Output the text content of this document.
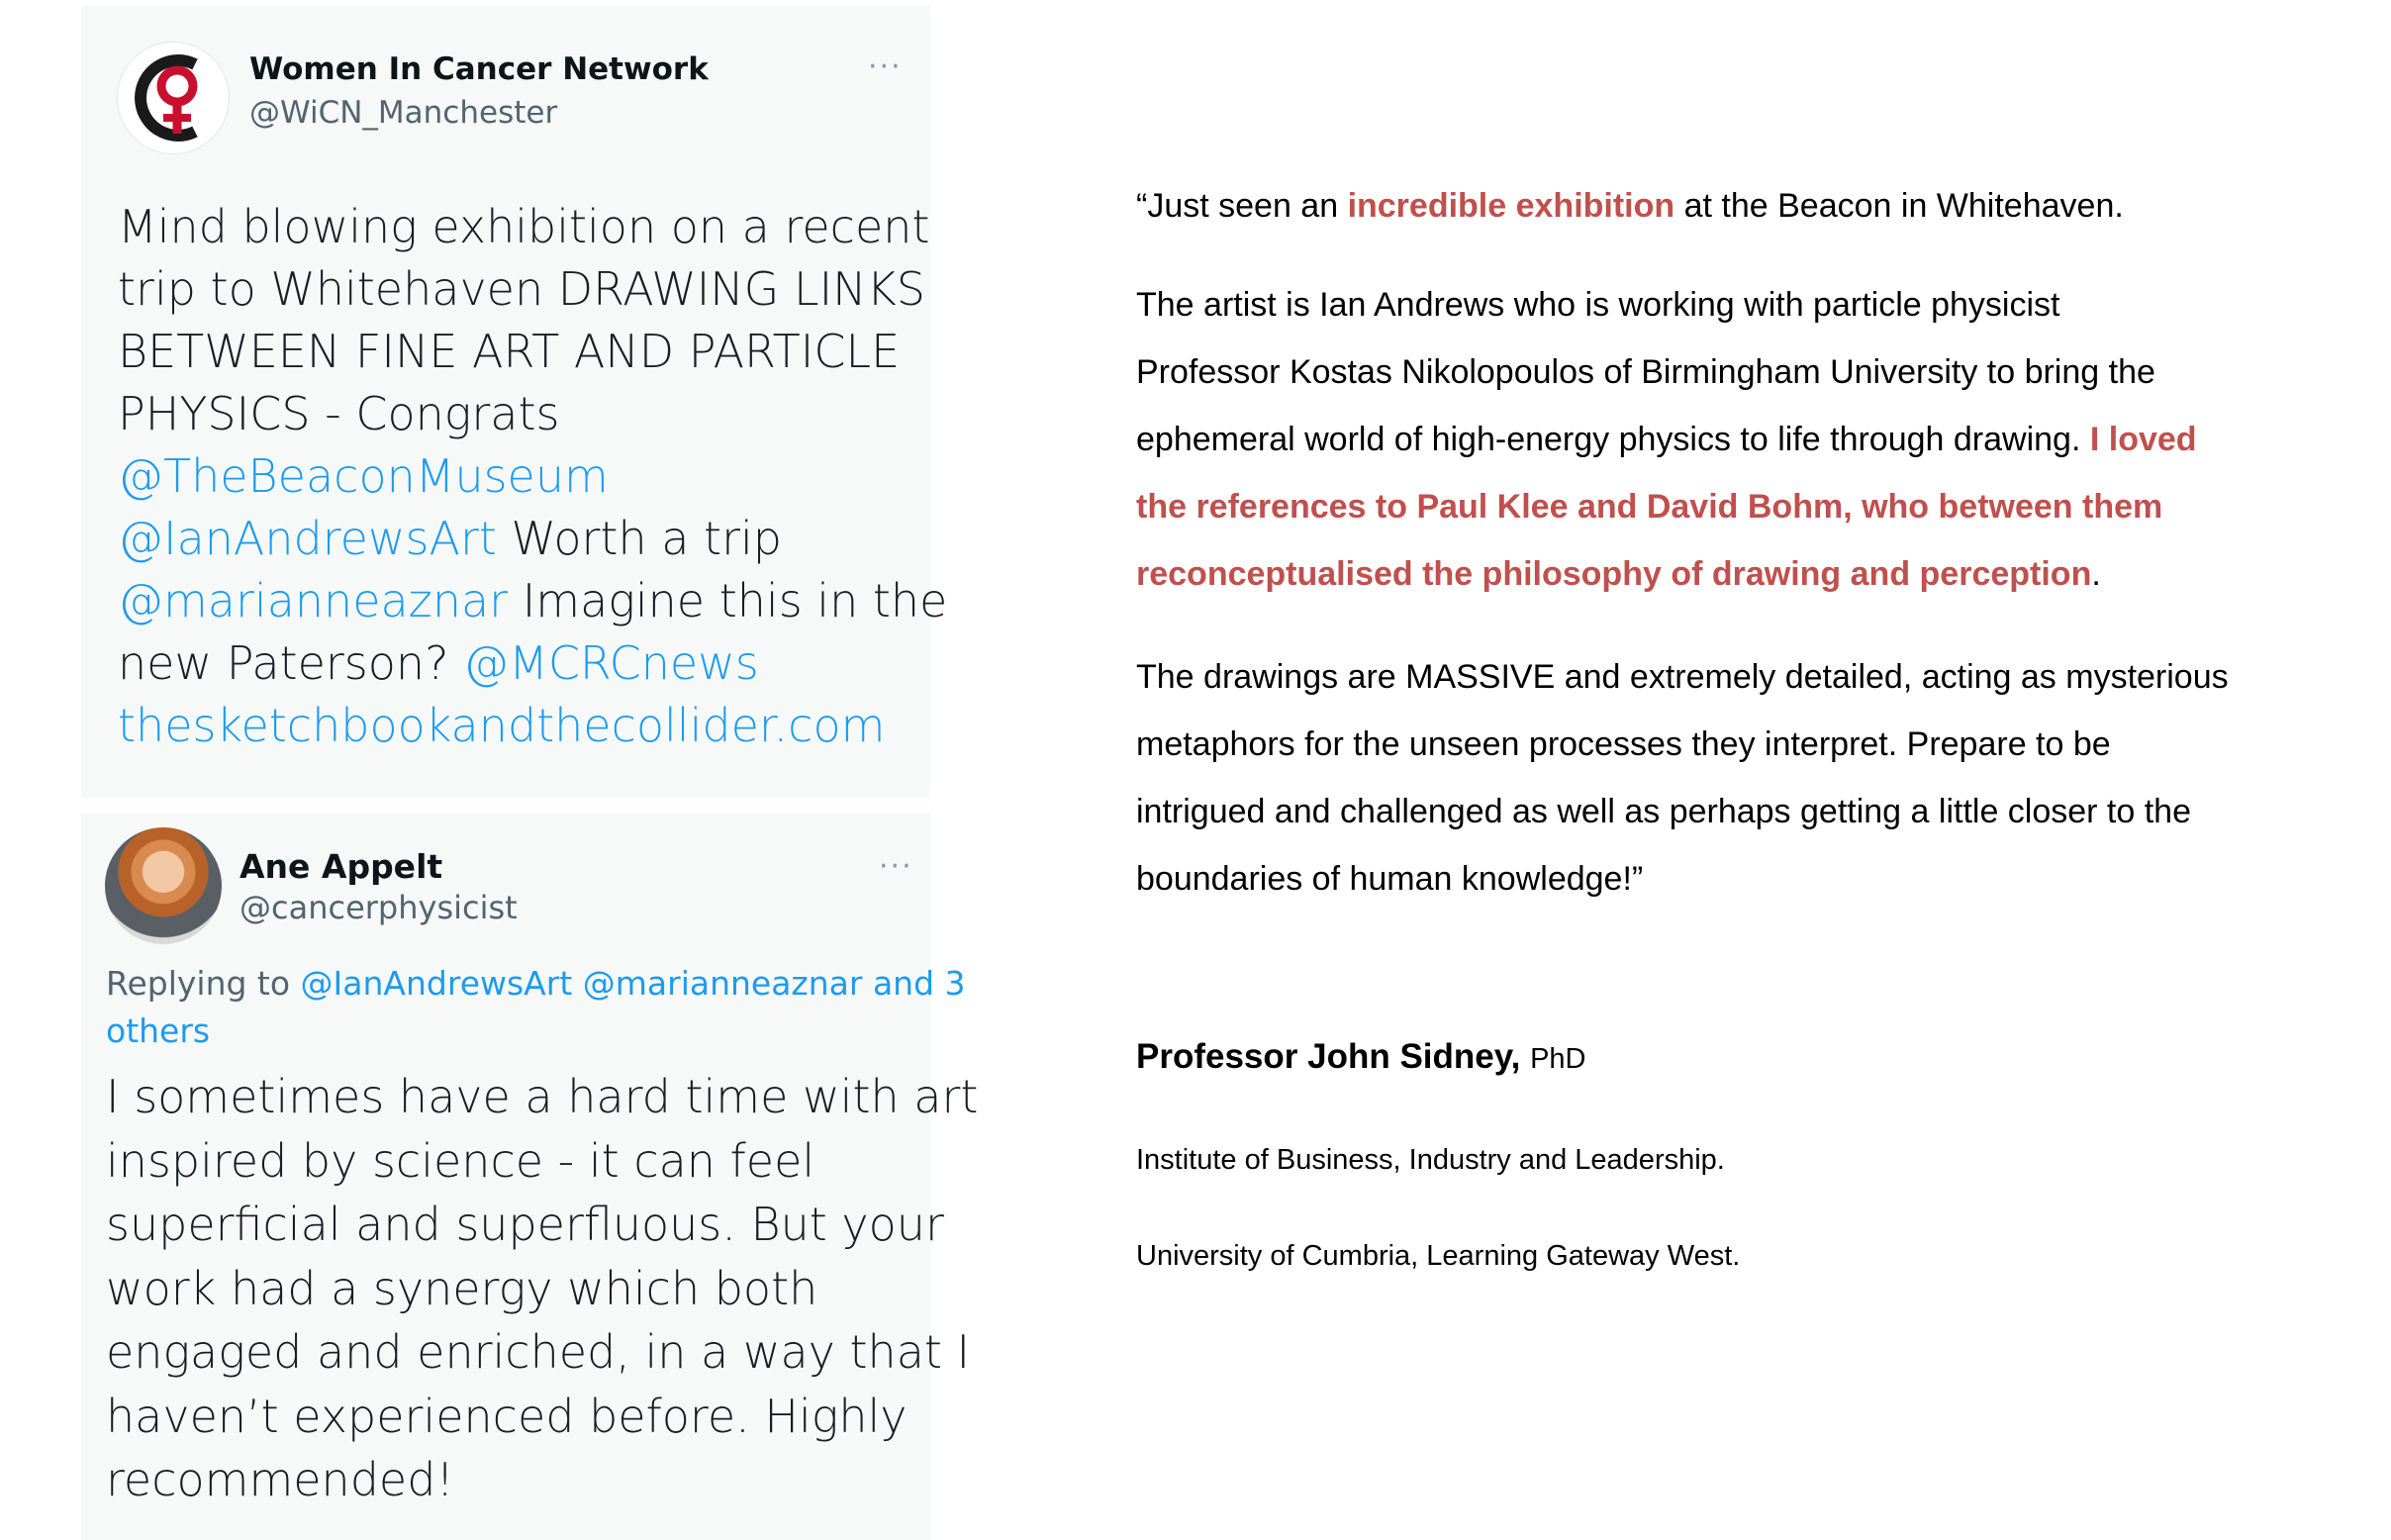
Women In Cancer Network
@WiCN_Manchester
···
Mind blowing exhibition on a recent
trip to Whitehaven DRAWING LINKS
BETWEEN FINE ART AND PARTICLE
PHYSICS - Congrats
@TheBeaconMuseum
@IanAndrewsArt Worth a trip
@marianneaznar Imagine this in the
new Paterson? @MCRCnews
thesketchbookandthecollider.com
Ane Appelt
@cancerphysicist
···
Replying to @IanAndrewsArt @marianneaznar and 3
others
I sometimes have a hard time with art
inspired by science - it can feel
superficial and superfluous. But your
work had a synergy which both
engaged and enriched, in a way that I
haven’t experienced before. Highly
recommended!

“Just seen an incredible exhibition at the Beacon in Whitehaven.

The artist is Ian Andrews who is working with particle physicist
Professor Kostas Nikolopoulos of Birmingham University to bring the
ephemeral world of high-energy physics to life through drawing. I loved
the references to Paul Klee and David Bohm, who between them
reconceptualised the philosophy of drawing and perception.

The drawings are MASSIVE and extremely detailed, acting as mysterious
metaphors for the unseen processes they interpret. Prepare to be
intrigued and challenged as well as perhaps getting a little closer to the
boundaries of human knowledge!”

Professor John Sidney, PhD
Institute of Business, Industry and Leadership.
University of Cumbria, Learning Gateway West.
